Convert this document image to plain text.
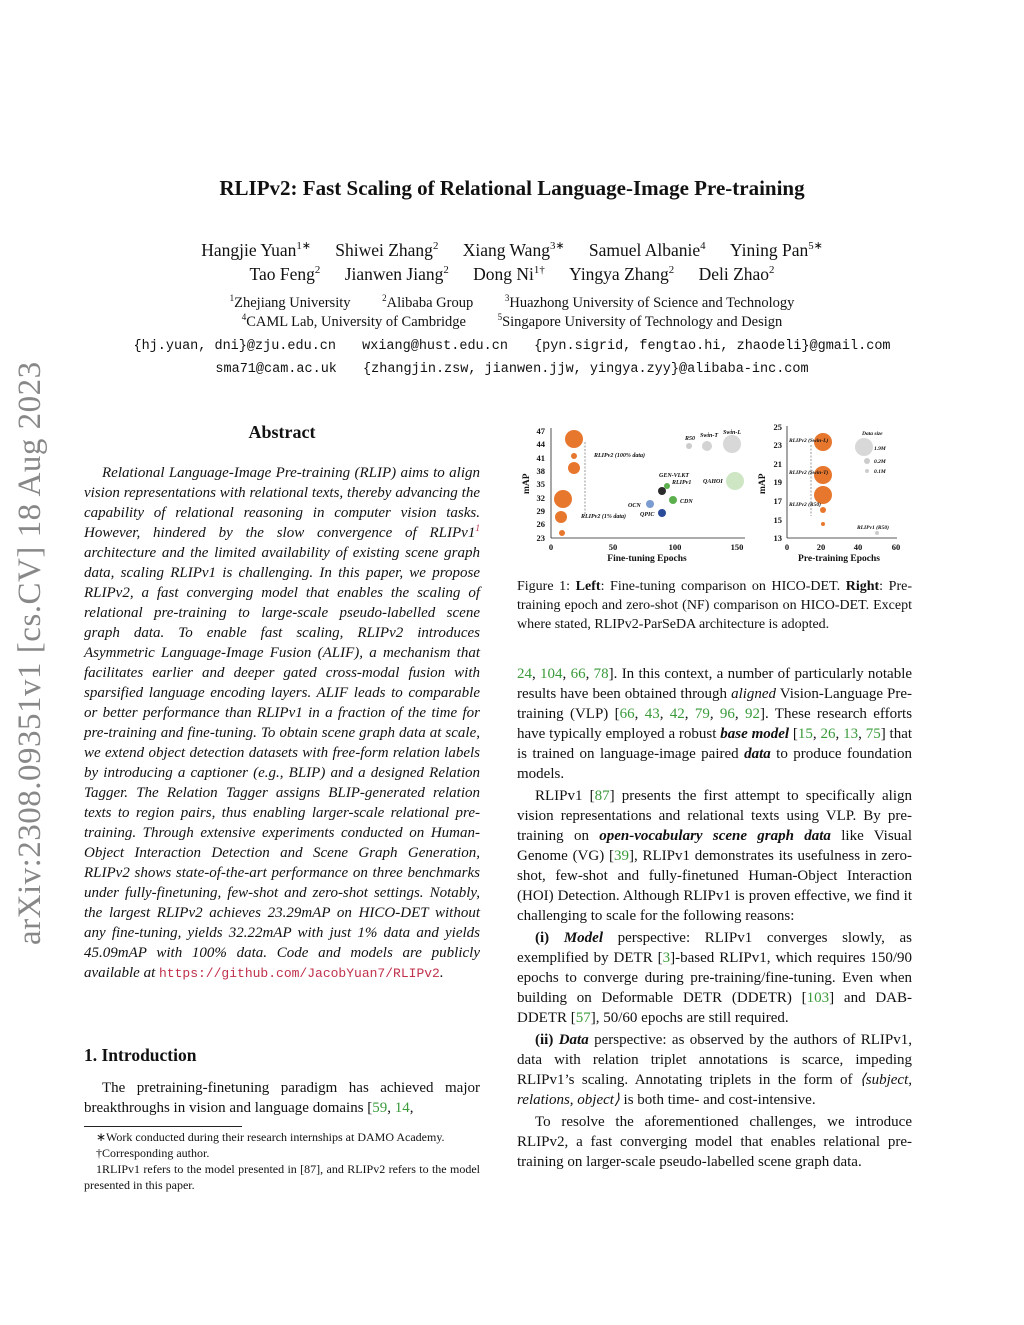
RLIPv2: Fast Scaling of Relational Language-Image Pre-training
Hangjie Yuan$^{1∗}$ Shiwei Zhang$^2$ Xiang Wang$^{3∗}$ Samuel Albanie$^4$ Yining Pan$^{5∗}$
Tao Feng$^2$ Jianwen Jiang$^2$ Dong $Ni^{1\dagger}$ Yingya Zhang$^2$ Deli Zhao$^2$
$^1$Zhejiang University	$^2$Alibaba Group	$^3$Huazhong University of Science and Technology
$^4$CAML Lab, University of Cambridge	$^5$Singapore University of Technology and Design
{hj.yuan, dni}@zju.edu.cn wxiang@hust.edu.cn {pyn.sigrid, fengtao.hi, zhaodeli}@gmail.com
sma71@cam.ac.uk {zhangjin.zsw, jianwen.jjw, yingya.zyy}@alibaba-inc.com
arXiv:2308.09351v1 [cs.CV] 18 Aug 2023	Abstract

Relational Language-Image Pre-training (RLIP) aims to align vision representations with relational texts, thereby advancing the capability of relational reasoning in computer vision tasks. However, hindered by the slow convergence of $RLIPv1^1$ architecture and the limited availability of existing scene graph data, scaling RLIPv1 is challenging. In this paper, we propose RLIPv2, a fast converging model that enables the scaling of relational pre-training to large-scale pseudo-labelled scene graph data. To enable fast scaling, RLIPv2 introduces Asymmetric Language-Image Fusion (ALIF), a mechanism that facilitates earlier and deeper gated cross-modal fusion with sparsified language encoding layers. ALIF leads to comparable or better performance than RLIPv1 in a fraction of the time for pre-training and fine-tuning. To obtain scene graph data at scale, we extend object detection datasets with free-form relation labels by introducing a captioner (e.g., BLIP) and a designed Relation Tagger. The Relation Tagger assigns BLIP-generated relation texts to region pairs, thus enabling larger-scale relational pre-training. Through extensive experiments conducted on Human-Object Interaction Detection and Scene Graph Generation, RLIPv2 shows state-of-the-art performance on three benchmarks under fully-finetuning, few-shot and zero-shot settings. Notably, the largest RLIPv2 achieves 23.29mAP on HICO-DET without any fine-tuning, yields 32.22mAP with just 1% data and yields 45.09mAP with 100% data. Code and models are publicly available at https://github.com/JacobYuan7/RLIPv2.

1. Introduction

The pretraining-finetuning paradigm has achieved major breakthroughs in vision and language domains [59, 14,

∗Work conducted during their research internships at DAMO Academy.

†Corresponding author.

1RLIPv1 refers to the model presented in [87], and RLIPv2 refers to the model presented in this paper.

47
44
41
38
35
32
29
26
23
0	50	100	150
Fine-tuning Epochs
mAP
RLIPv2 (100% data)
RLIPv2 (1% data)
R50 Swin-T Swin-L
GEN-VLKT
RLIPv1 QAHOI
CDN
OCN
QPIC
25
23
21
19
17
15
13
0	20	40	60
Pre-training Epochs
mAP
RLIPv2 (Swin-L)
RLIPv2 (Swin-T)
RLIPv2 (R50)
RLIPv1 (R50)
Data size
1.9M
0.2M
0.1M
Figure 1: Left: Fine-tuning comparison on HICO-DET. Right: Pre-training epoch and zero-shot (NF) comparison on HICO-DET. Except where stated, RLIPv2-ParSeDA architecture is adopted.

24, 104, 66, 78]. In this context, a number of particularly notable results have been obtained through aligned Vision-Language Pre-training (VLP) [66, 43, 42, 79, 96, 92]. These research efforts have typically employed a robust base model [15, 26, 13, 75] that is trained on language-image paired data to produce foundation models.

RLIPv1 [87] presents the first attempt to specifically align vision representations and relational texts using VLP. By pre-training on open-vocabulary scene graph data like Visual Genome (VG) [39], RLIPv1 demonstrates its usefulness in zero-shot, few-shot and fully-finetuned Human-Object Interaction (HOI) Detection. Although RLIPv1 is proven effective, we find it challenging to scale for the following reasons:

(i) Model perspective: RLIPv1 converges slowly, as exemplified by DETR [3]-based RLIPv1, which requires 150/90 epochs to converge during pre-training/fine-tuning. Even when building on Deformable DETR (DDETR) [103] and DAB-DDETR [57], 50/60 epochs are still required.

(ii) Data perspective: as observed by the authors of RLIPv1, data with relation triplet annotations is scarce, impeding RLIPv1’s scaling. Annotating triplets in the form of ⟨subject, relations, object⟩ is both time- and cost-intensive.

To resolve the aforementioned challenges, we introduce RLIPv2, a fast converging model that enables relational pre-training on larger-scale pseudo-labelled scene graph data.
